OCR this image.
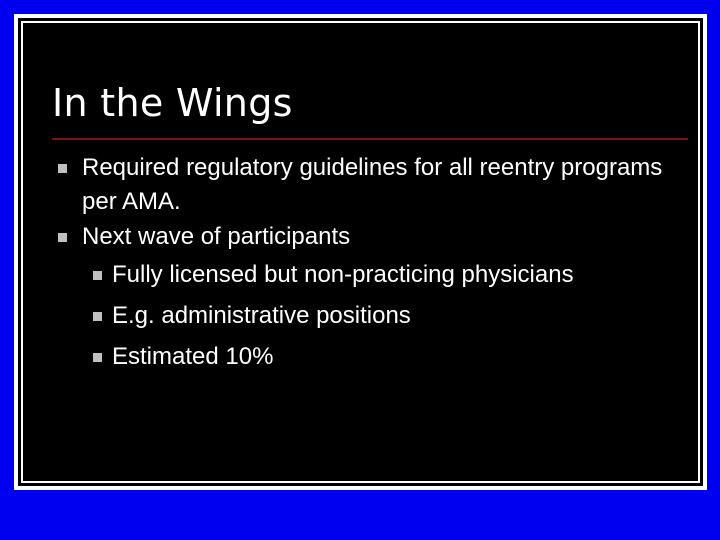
In the Wings
Required regulatory guidelines for all reentry programs per AMA.
Next wave of participants
Fully licensed but non-practicing physicians
E.g. administrative positions
Estimated 10%
